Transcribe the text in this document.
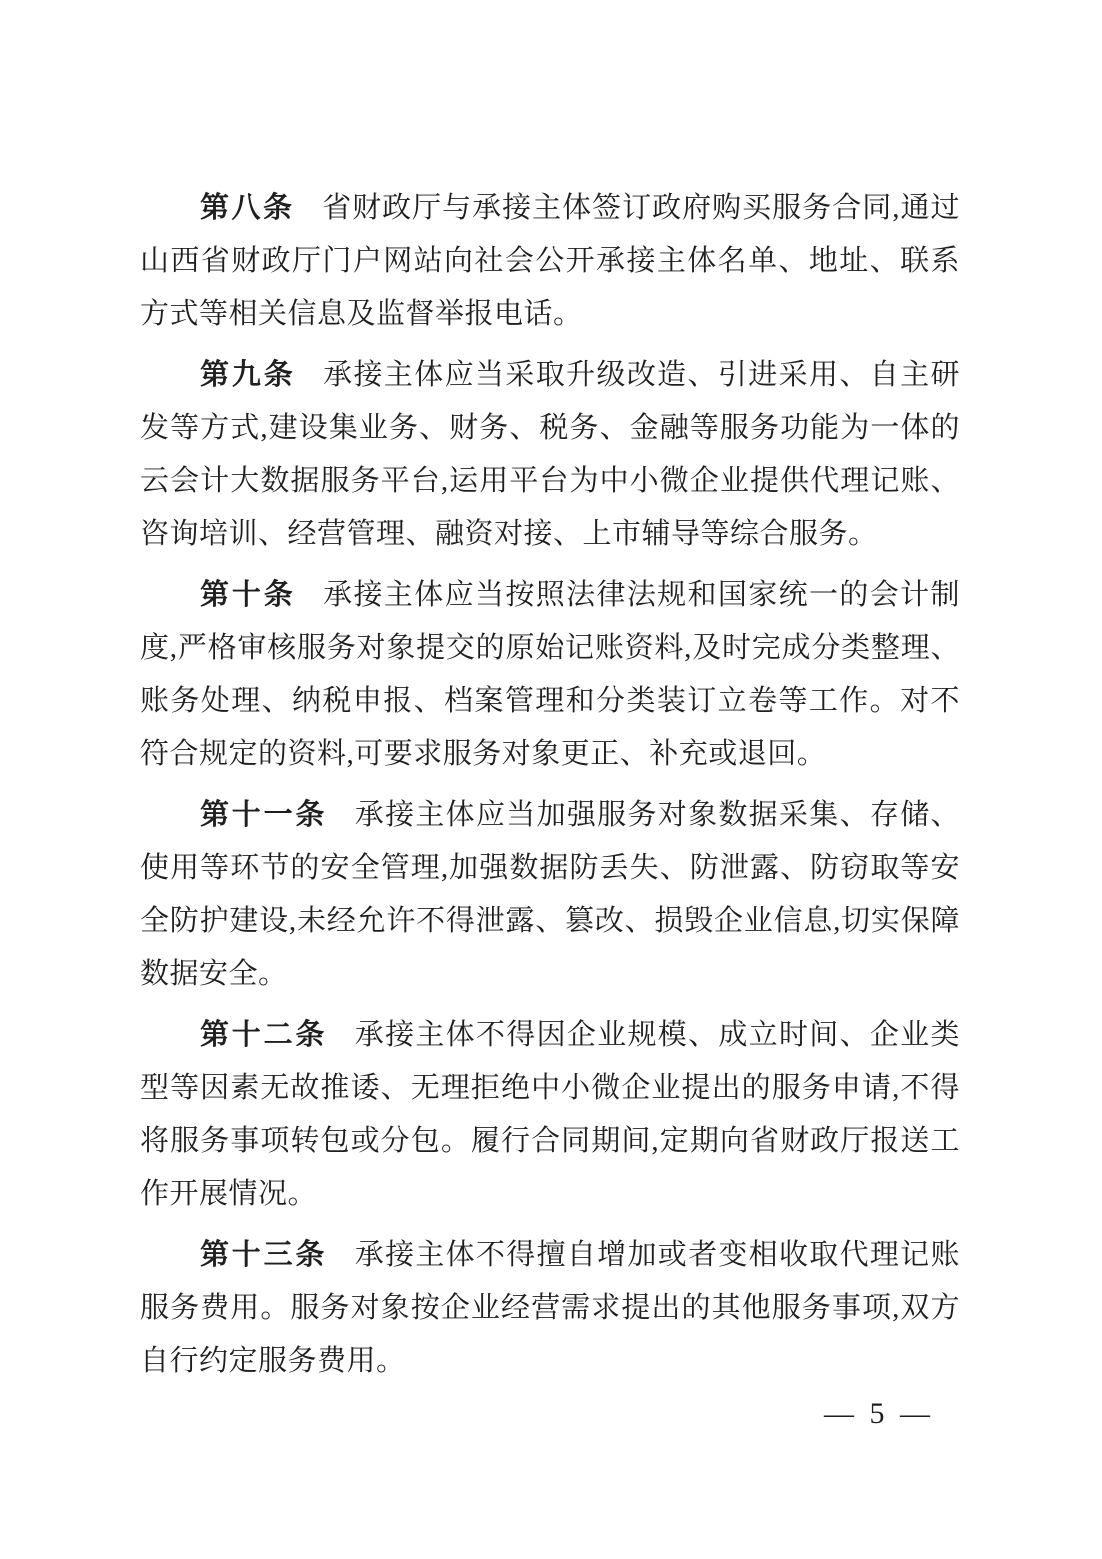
第八条 省财政厅与承接主体签订政府购买服务合同,通过山西省财政厅门户网站向社会公开承接主体名单、地址、联系方式等相关信息及监督举报电话。

第九条 承接主体应当采取升级改造、引进采用、自主研发等方式,建设集业务、财务、税务、金融等服务功能为一体的云会计大数据服务平台,运用平台为中小微企业提供代理记账、咨询培训、经营管理、融资对接、上市辅导等综合服务。

第十条 承接主体应当按照法律法规和国家统一的会计制度,严格审核服务对象提交的原始记账资料,及时完成分类整理、账务处理、纳税申报、档案管理和分类装订立卷等工作。对不符合规定的资料,可要求服务对象更正、补充或退回。

第十一条 承接主体应当加强服务对象数据采集、存储、使用等环节的安全管理,加强数据防丢失、防泄露、防窃取等安全防护建设,未经允许不得泄露、篡改、损毁企业信息,切实保障数据安全。

第十二条 承接主体不得因企业规模、成立时间、企业类型等因素无故推诿、无理拒绝中小微企业提出的服务申请,不得将服务事项转包或分包。履行合同期间,定期向省财政厅报送工作开展情况。

第十三条 承接主体不得擅自增加或者变相收取代理记账服务费用。服务对象按企业经营需求提出的其他服务事项,双方自行约定服务费用。

— 5 —
